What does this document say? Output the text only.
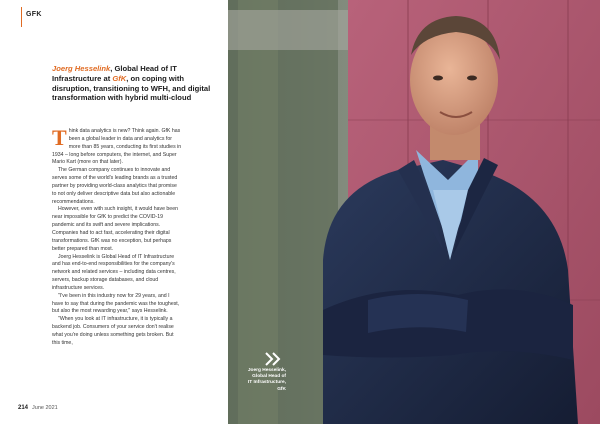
GFK
Joerg Hesselink, Global Head of IT Infrastructure at GfK, on coping with disruption, transitioning to WFH, and digital transformation with hybrid multi-cloud

Think data analytics is new? Think again. GfK has been a global leader in data and analytics for more than 85 years, conducting its first studies in 1934 – long before computers, the internet, and Super Mario Kart (more on that later).

The German company continues to innovate and serves some of the world's leading brands as a trusted partner by providing world-class analytics that promise to not only deliver descriptive data but also actionable recommendations.

However, even with such insight, it would have been near impossible for GfK to predict the COVID-19 pandemic and its swift and severe implications. Companies had to act fast, accelerating their digital transformations. GfK was no exception, but perhaps better prepared than most.

Joerg Hesselink is Global Head of IT Infrastructure and has end-to-end responsibilities for the company's network and related services – including data centres, servers, backup storage databases, and cloud infrastructure services.

"I've been in this industry now for 29 years, and I have to say that during the pandemic was the toughest, but also the most rewarding year," says Hesselink.

"When you look at IT infrastructure, it is typically a backend job. Consumers of your service don't realise what you're doing unless something gets broken. But this time,

214 June 2021
Joerg Hesselink,
Global Head of
IT Infrastructure,
GfK
